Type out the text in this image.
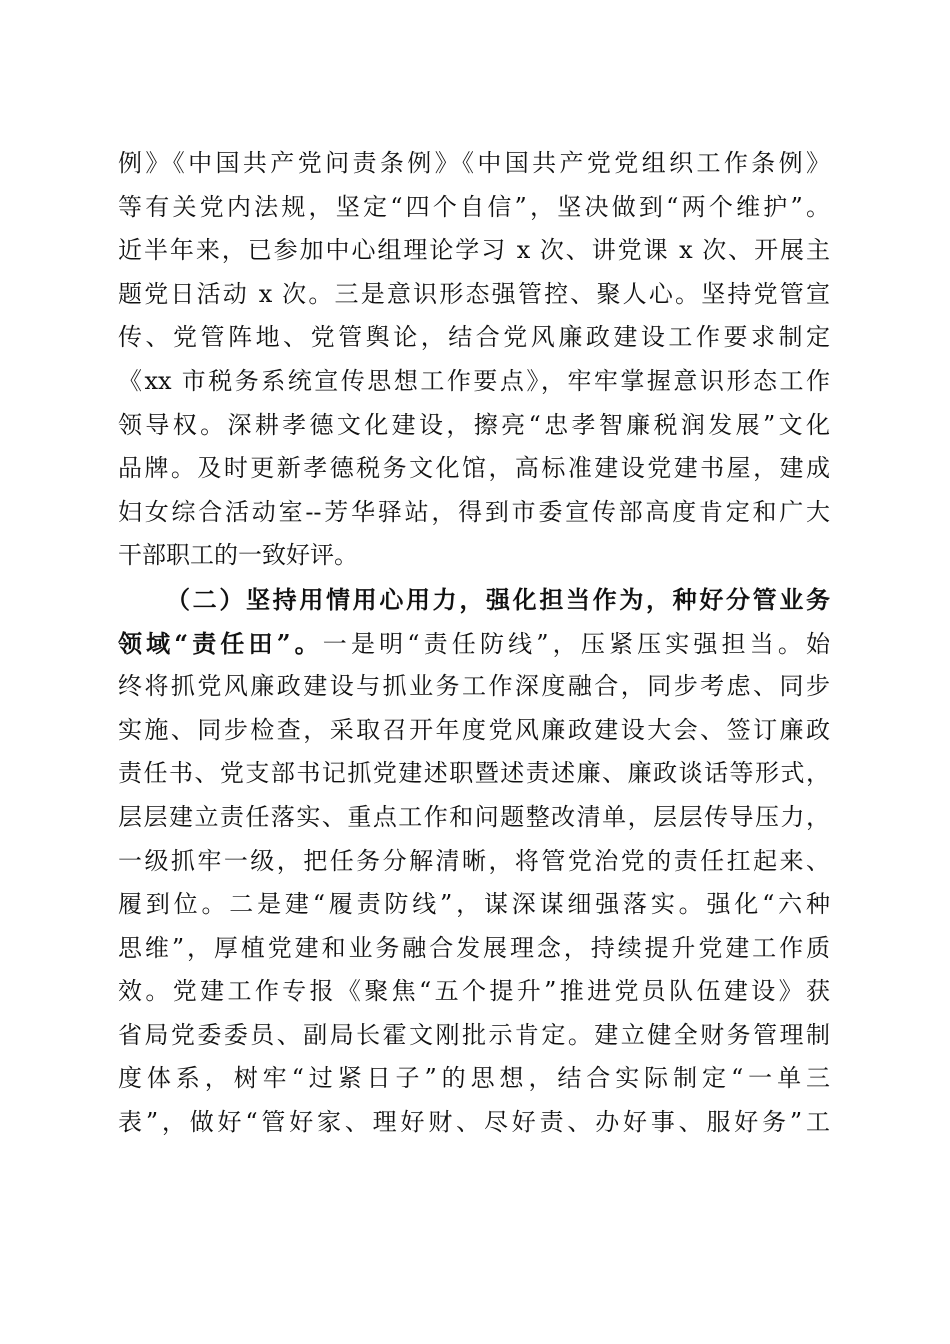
例》《中国共产党问责条例》《中国共产党党组织工作条例》
等有关党内法规，坚定“四个自信”，坚决做到“两个维护”。
近半年来，已参加中心组理论学习 x 次、讲党课 x 次、开展主
题党日活动 x 次。三是意识形态强管控、聚人心。坚持党管宣
传、党管阵地、党管舆论，结合党风廉政建设工作要求制定
《xx 市税务系统宣传思想工作要点》，牢牢掌握意识形态工作
领导权。深耕孝德文化建设，擦亮“忠孝智廉税润发展”文化
品牌。及时更新孝德税务文化馆，高标准建设党建书屋，建成
妇女综合活动室--芳华驿站，得到市委宣传部高度肯定和广大
干部职工的一致好评。
（二）坚持用情用心用力，强化担当作为，种好分管业务
领域“责任田”。一是明“责任防线”，压紧压实强担当。始
终将抓党风廉政建设与抓业务工作深度融合，同步考虑、同步
实施、同步检查，采取召开年度党风廉政建设大会、签订廉政
责任书、党支部书记抓党建述职暨述责述廉、廉政谈话等形式，
层层建立责任落实、重点工作和问题整改清单，层层传导压力，
一级抓牢一级，把任务分解清晰，将管党治党的责任扛起来、
履到位。二是建“履责防线”，谋深谋细强落实。强化“六种
思维”，厚植党建和业务融合发展理念，持续提升党建工作质
效。党建工作专报《聚焦“五个提升”推进党员队伍建设》获
省局党委委员、副局长霍文刚批示肯定。建立健全财务管理制
度体系，树牢“过紧日子”的思想，结合实际制定“一单三
表”，做好“管好家、理好财、尽好责、办好事、服好务”工
